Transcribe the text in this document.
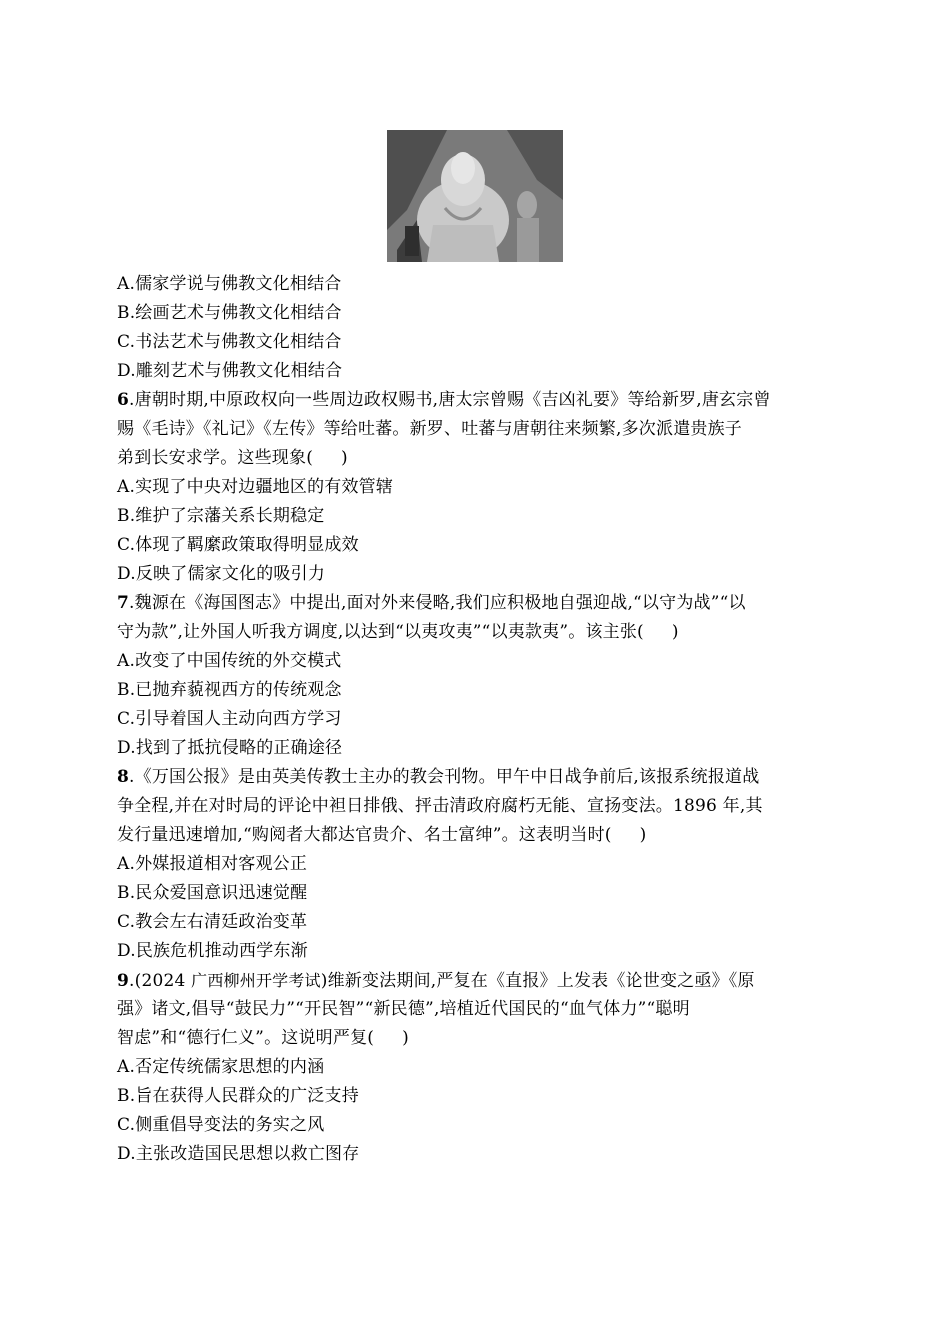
A.儒家学说与佛教文化相结合
B.绘画艺术与佛教文化相结合
C.书法艺术与佛教文化相结合
D.雕刻艺术与佛教文化相结合
6.唐朝时期,中原政权向一些周边政权赐书,唐太宗曾赐《吉凶礼要》等给新罗,唐玄宗曾
赐《毛诗》《礼记》《左传》等给吐蕃。新罗、吐蕃与唐朝往来频繁,多次派遣贵族子
弟到长安求学。这些现象( )
A.实现了中央对边疆地区的有效管辖
B.维护了宗藩关系长期稳定
C.体现了羁縻政策取得明显成效
D.反映了儒家文化的吸引力
7.魏源在《海国图志》中提出,面对外来侵略,我们应积极地自强迎战,“以守为战”“以
守为款”,让外国人听我方调度,以达到“以夷攻夷”“以夷款夷”。该主张( )
A.改变了中国传统的外交模式
B.已抛弃藐视西方的传统观念
C.引导着国人主动向西方学习
D.找到了抵抗侵略的正确途径
8.《万国公报》是由英美传教士主办的教会刊物。甲午中日战争前后,该报系统报道战
争全程,并在对时局的评论中袒日排俄、抨击清政府腐朽无能、宣扬变法。1896 年,其
发行量迅速增加,“购阅者大都达官贵介、名士富绅”。这表明当时( )
A.外媒报道相对客观公正
B.民众爱国意识迅速觉醒
C.教会左右清廷政治变革
D.民族危机推动西学东渐
9.(2024 广西柳州开学考试)维新变法期间,严复在《直报》上发表《论世变之亟》《原
强》诸文,倡导“鼓民力”“开民智”“新民德”,培植近代国民的“血气体力”“聪明
智虑”和“德行仁义”。这说明严复( )
A.否定传统儒家思想的内涵
B.旨在获得人民群众的广泛支持
C.侧重倡导变法的务实之风
D.主张改造国民思想以救亡图存
